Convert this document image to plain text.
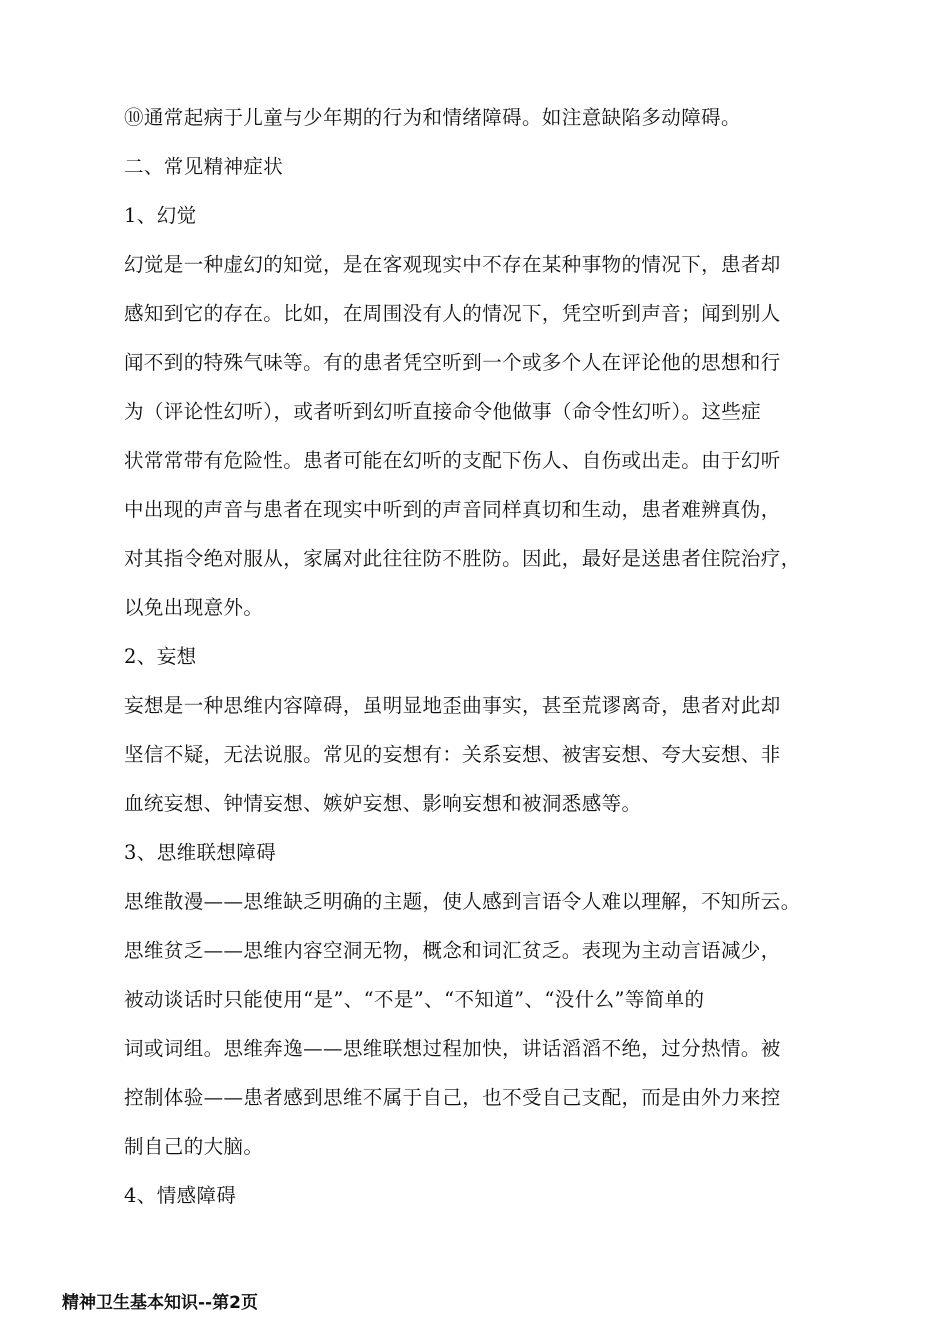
⑩通常起病于儿童与少年期的行为和情绪障碍。如注意缺陷多动障碍。
二、常见精神症状
1、幻觉
幻觉是一种虚幻的知觉，是在客观现实中不存在某种事物的情况下，患者却
感知到它的存在。比如，在周围没有人的情况下，凭空听到声音；闻到别人
闻不到的特殊气味等。有的患者凭空听到一个或多个人在评论他的思想和行
为（评论性幻听），或者听到幻听直接命令他做事（命令性幻听）。这些症
状常常带有危险性。患者可能在幻听的支配下伤人、自伤或出走。由于幻听
中出现的声音与患者在现实中听到的声音同样真切和生动，患者难辨真伪，
对其指令绝对服从，家属对此往往防不胜防。因此，最好是送患者住院治疗，
以免出现意外。
2、妄想
妄想是一种思维内容障碍，虽明显地歪曲事实，甚至荒谬离奇，患者对此却
坚信不疑，无法说服。常见的妄想有：关系妄想、被害妄想、夸大妄想、非
血统妄想、钟情妄想、嫉妒妄想、影响妄想和被洞悉感等。
3、思维联想障碍
思维散漫——思维缺乏明确的主题，使人感到言语令人难以理解，不知所云。
思维贫乏——思维内容空洞无物，概念和词汇贫乏。表现为主动言语减少，
被动谈话时只能使用“是”、“不是”、“不知道”、“没什么”等简单的
词或词组。思维奔逸——思维联想过程加快，讲话滔滔不绝，过分热情。被
控制体验——患者感到思维不属于自己，也不受自己支配，而是由外力来控
制自己的大脑。
4、情感障碍
精神卫生基本知识--第2页
